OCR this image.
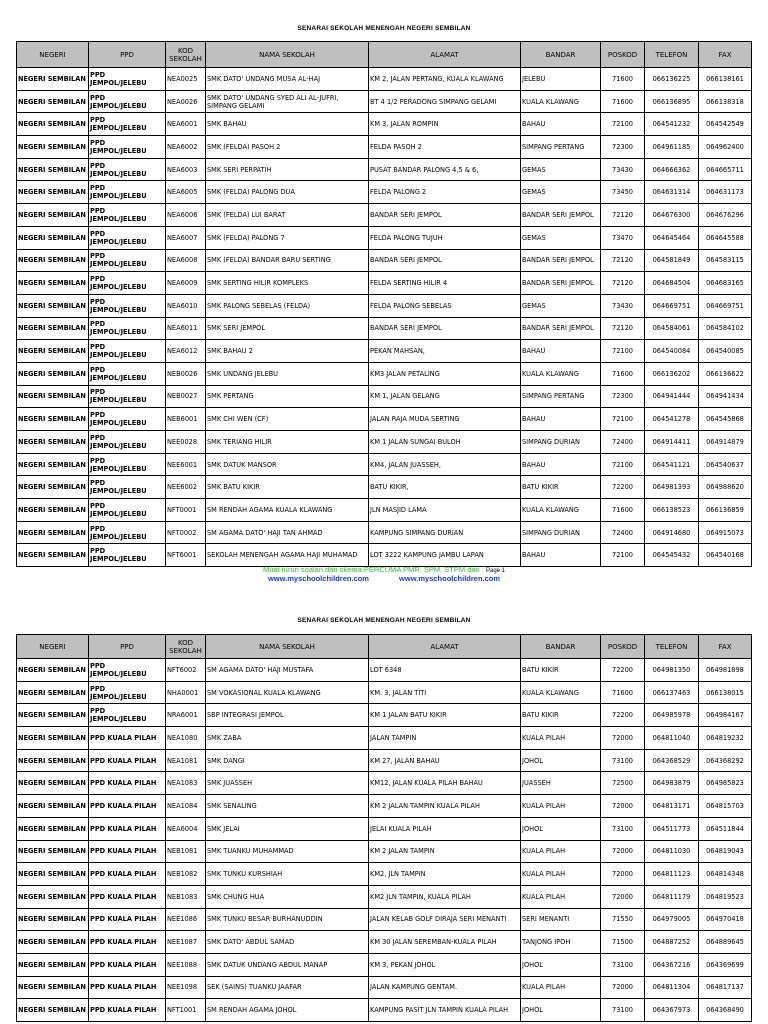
SENARAI SEKOLAH MENENGAH NEGERI SEMBILAN
NEGERI	PPD	KOD SEKOLAH	NAMA SEKOLAH	ALAMAT	BANDAR	POSKOD	TELEFON	FAX
NEGERI SEMBILAN	PPD JEMPOL/JELEBU	NEA0025	SMK DATO' UNDANG MUSA AL-HAJ	KM 2, JALAN PERTANG, KUALA KLAWANG	JELEBU	71600	066136225	066138161
NEGERI SEMBILAN	PPD JEMPOL/JELEBU	NEA0026	SMK DATO' UNDANG SYED ALI AL-JUFRI, SIMPANG GELAMI	BT 4 1/2 PERADONG SIMPANG GELAMI	KUALA KLAWANG	71600	066136895	066138318
NEGERI SEMBILAN	PPD JEMPOL/JELEBU	NEA6001	SMK BAHAU	KM 3, JALAN ROMPIN	BAHAU	72100	064541232	064542549
NEGERI SEMBILAN	PPD JEMPOL/JELEBU	NEA6002	SMK (FELDA) PASOH 2	FELDA PASOH 2	SIMPANG PERTANG	72300	064961185	064962400
NEGERI SEMBILAN	PPD JEMPOL/JELEBU	NEA6003	SMK SERI PERPATIH	PUSAT BANDAR PALONG 4,5 & 6,	GEMAS	73430	064666362	064665711
NEGERI SEMBILAN	PPD JEMPOL/JELEBU	NEA6005	SMK (FELDA) PALONG DUA	FELDA PALONG 2	GEMAS	73450	064631314	064631173
NEGERI SEMBILAN	PPD JEMPOL/JELEBU	NEA6006	SMK (FELDA) LUI BARAT	BANDAR SERI JEMPOL	BANDAR SERI JEMPOL	72120	064676300	064676296
NEGERI SEMBILAN	PPD JEMPOL/JELEBU	NEA6007	SMK (FELDA) PALONG 7	FELDA PALONG TUJUH	GEMAS	73470	064645464	064645588
NEGERI SEMBILAN	PPD JEMPOL/JELEBU	NEA6008	SMK (FELDA) BANDAR BARU SERTING	BANDAR SERI JEMPOL	BANDAR SERI JEMPOL	72120	064581849	064583115
NEGERI SEMBILAN	PPD JEMPOL/JELEBU	NEA6009	SMK SERTING HILIR KOMPLEKS	FELDA SERTING HILIR 4	BANDAR SERI JEMPOL	72120	064684504	064683165
NEGERI SEMBILAN	PPD JEMPOL/JELEBU	NEA6010	SMK PALONG SEBELAS (FELDA)	FELDA PALONG SEBELAS	GEMAS	73430	064669751	064669751
NEGERI SEMBILAN	PPD JEMPOL/JELEBU	NEA6011	SMK SERI JEMPOL	BANDAR SERI JEMPOL	BANDAR SERI JEMPOL	72120	064584061	064584102
NEGERI SEMBILAN	PPD JEMPOL/JELEBU	NEA6012	SMK BAHAU 2	PEKAN MAHSAN,	BAHAU	72100	064540084	064540085
NEGERI SEMBILAN	PPD JEMPOL/JELEBU	NEB0026	SMK UNDANG JELEBU	KM3 JALAN PETALING	KUALA KLAWANG	71600	066136202	066136622
NEGERI SEMBILAN	PPD JEMPOL/JELEBU	NEB0027	SMK PERTANG	KM 1, JALAN GELANG	SIMPANG PERTANG	72300	064941444	064941434
NEGERI SEMBILAN	PPD JEMPOL/JELEBU	NEB6001	SMK CHI WEN (CF)	JALAN RAJA MUDA SERTING	BAHAU	72100	064541278	064545868
NEGERI SEMBILAN	PPD JEMPOL/JELEBU	NEE0028	SMK TERIANG HILIR	KM 1 JALAN SUNGAI BULOH	SIMPANG DURIAN	72400	064914411	064914879
NEGERI SEMBILAN	PPD JEMPOL/JELEBU	NEE6001	SMK DATUK MANSOR	KM4, JALAN JUASSEH,	BAHAU	72100	064541121	064540637
NEGERI SEMBILAN	PPD JEMPOL/JELEBU	NEE6002	SMK BATU KIKIR	BATU KIKIR,	BATU KIKIR	72200	064981393	064988620
NEGERI SEMBILAN	PPD JEMPOL/JELEBU	NFT0001	SM RENDAH AGAMA KUALA KLAWANG	JLN MASJID LAMA	KUALA KLAWANG	71600	066138523	066136859
NEGERI SEMBILAN	PPD JEMPOL/JELEBU	NFT0002	SM AGAMA DATO' HAJI TAN AHMAD	KAMPUNG SIMPANG DURIAN	SIMPANG DURIAN	72400	064914680	064915073
NEGERI SEMBILAN	PPD JEMPOL/JELEBU	NFT6001	SEKOLAH MENENGAH AGAMA HAJI MUHAMAD	LOT 3222 KAMPUNG JAMBU LAPAN	BAHAU	72100	064545432	064540168
Muat turun soalan dan skema PERCUMA PMR, SPM, STPM dari : Page 1
www.myschoolchildren.com	www.myschoolchildren.com
SENARAI SEKOLAH MENENGAH NEGERI SEMBILAN
NEGERI	PPD	KOD SEKOLAH	NAMA SEKOLAH	ALAMAT	BANDAR	POSKOD	TELEFON	FAX
NEGERI SEMBILAN	PPD JEMPOL/JELEBU	NFT6002	SM AGAMA DATO' HAJI MUSTAFA	LOT 6348	BATU KIKIR	72200	064981350	064981898
NEGERI SEMBILAN	PPD JEMPOL/JELEBU	NHA0001	SM VOKASIONAL KUALA KLAWANG	KM. 3, JALAN TITI	KUALA KLAWANG	71600	066137463	066138015
NEGERI SEMBILAN	PPD JEMPOL/JELEBU	NRA6001	SBP INTEGRASI JEMPOL	KM 1 JALAN BATU KIKIR	BATU KIKIR	72200	064985978	064984167
NEGERI SEMBILAN	PPD KUALA PILAH	NEA1080	SMK ZABA	JALAN TAMPIN	KUALA PILAH	72000	064811040	064819232
NEGERI SEMBILAN	PPD KUALA PILAH	NEA1081	SMK DANGI	KM 27, JALAN BAHAU	JOHOL	73100	064368529	064368292
NEGERI SEMBILAN	PPD KUALA PILAH	NEA1083	SMK JUASSEH	KM12, JALAN KUALA PILAH BAHAU	JUASSEH	72500	064983879	064985823
NEGERI SEMBILAN	PPD KUALA PILAH	NEA1084	SMK SENALING	KM 2 JALAN TAMPIN KUALA PILAH	KUALA PILAH	72000	064813171	064815703
NEGERI SEMBILAN	PPD KUALA PILAH	NEA6004	SMK JELAI	JELAI KUALA PILAH	JOHOL	73100	064511773	064511844
NEGERI SEMBILAN	PPD KUALA PILAH	NEB1081	SMK TUANKU MUHAMMAD	KM 2 JALAN TAMPIN	KUALA PILAH	72000	064811030	064819043
NEGERI SEMBILAN	PPD KUALA PILAH	NEB1082	SMK TUNKU KURSHIAH	KM2, JLN TAMPIN	KUALA PILAH	72000	064811123	064814348
NEGERI SEMBILAN	PPD KUALA PILAH	NEB1083	SMK CHUNG HUA	KM2 JLN TAMPIN, KUALA PILAH	KUALA PILAH	72000	064811179	064819523
NEGERI SEMBILAN	PPD KUALA PILAH	NEE1086	SMK TUNKU BESAR BURHANUDDIN	JALAN KELAB GOLF DIRAJA SERI MENANTI	SERI MENANTI	71550	064979005	064970418
NEGERI SEMBILAN	PPD KUALA PILAH	NEE1087	SMK DATO' ABDUL SAMAD	KM 30 JALAN SEREMBAN-KUALA PILAH	TANJONG IPOH	71500	064887252	064889645
NEGERI SEMBILAN	PPD KUALA PILAH	NEE1088	SMK DATUK UNDANG ABDUL MANAP	KM 3, PEKAN JOHOL	JOHOL	73100	064367216	064369699
NEGERI SEMBILAN	PPD KUALA PILAH	NEE1098	SEK (SAINS) TUANKU JAAFAR	JALAN KAMPUNG GENTAM.	KUALA PILAH	72000	064811304	064817137
NEGERI SEMBILAN	PPD KUALA PILAH	NFT1001	SM RENDAH AGAMA JOHOL	KAMPUNG PASIT JLN TAMPIN KUALA PILAH	JOHOL	73100	064367973	064368490
